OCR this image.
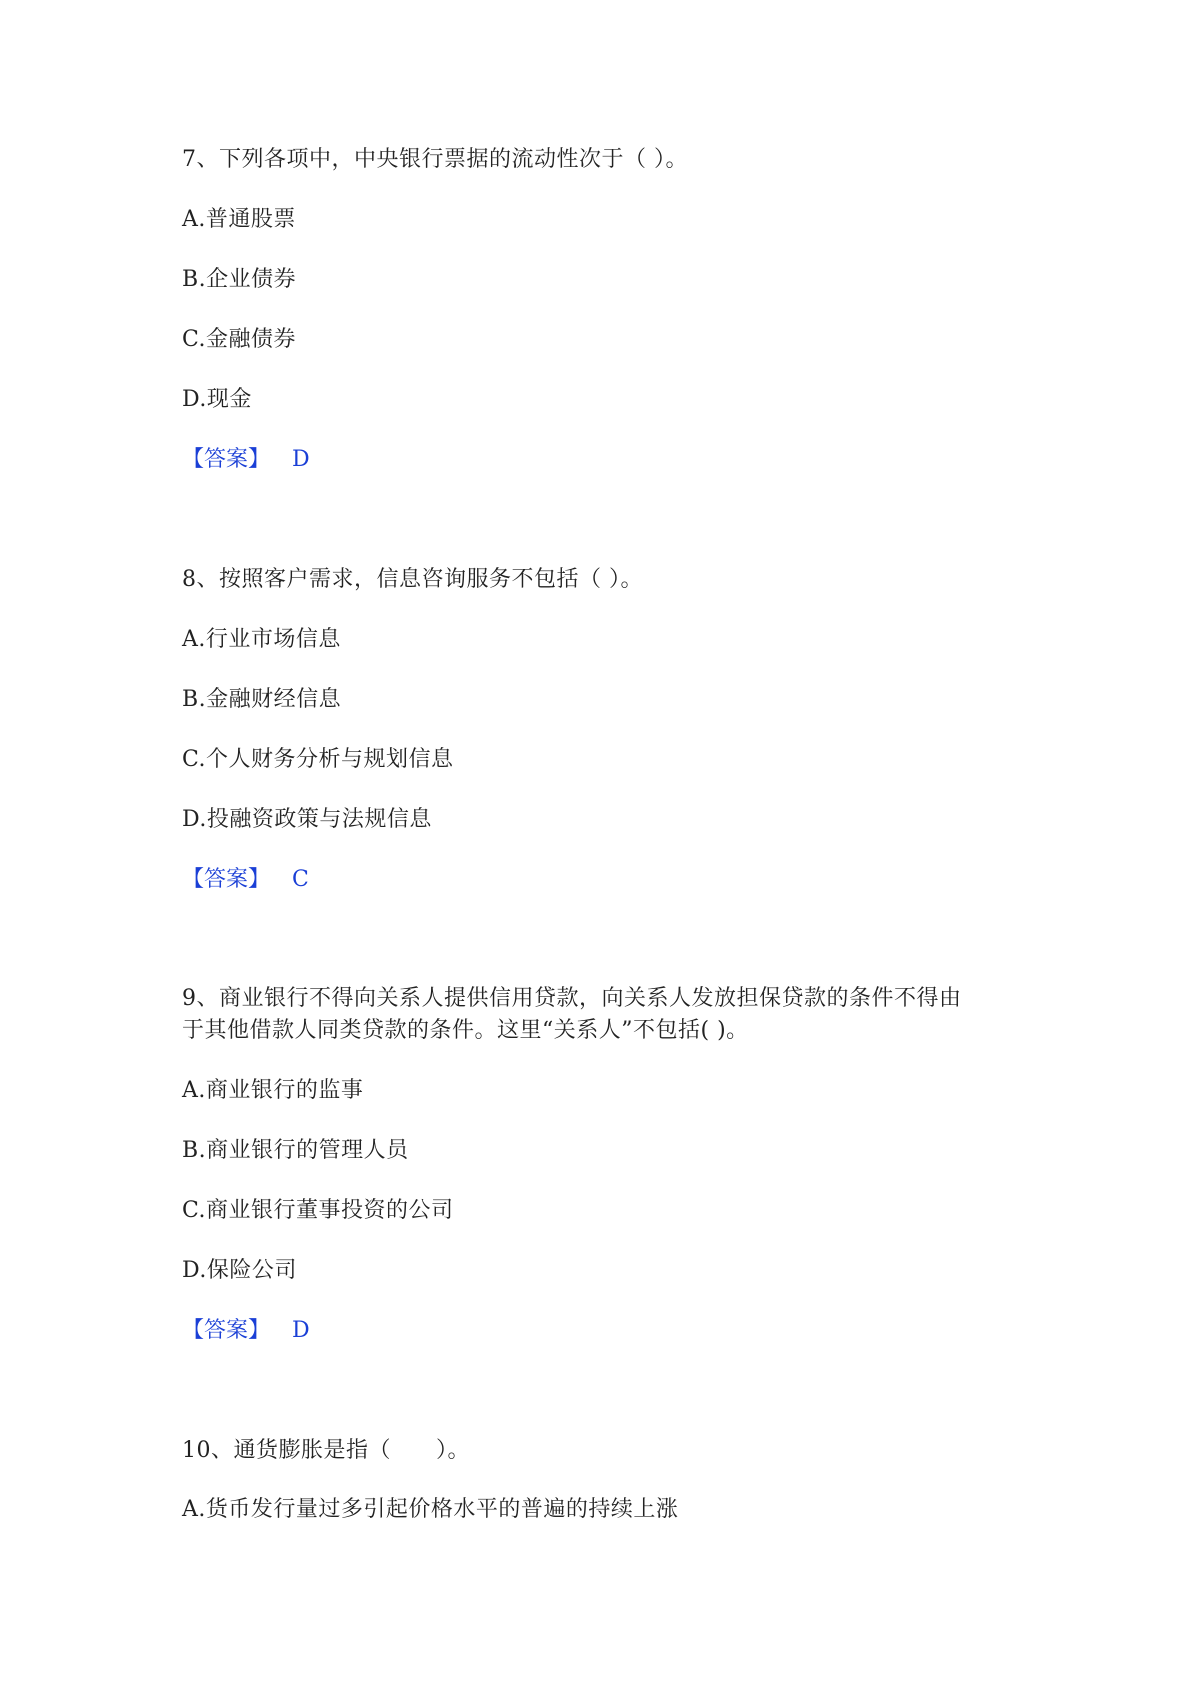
7、下列各项中，中央银行票据的流动性次于（ ）。
A.普通股票
B.企业债券
C.金融债券
D.现金
【答案】 D
8、按照客户需求，信息咨询服务不包括（ ）。
A.行业市场信息
B.金融财经信息
C.个人财务分析与规划信息
D.投融资政策与法规信息
【答案】 C
9、商业银行不得向关系人提供信用贷款，向关系人发放担保贷款的条件不得由
于其他借款人同类贷款的条件。这里“关系人”不包括( )。
A.商业银行的监事
B.商业银行的管理人员
C.商业银行董事投资的公司
D.保险公司
【答案】 D
10、通货膨胀是指（　　）。
A.货币发行量过多引起价格水平的普遍的持续上涨
